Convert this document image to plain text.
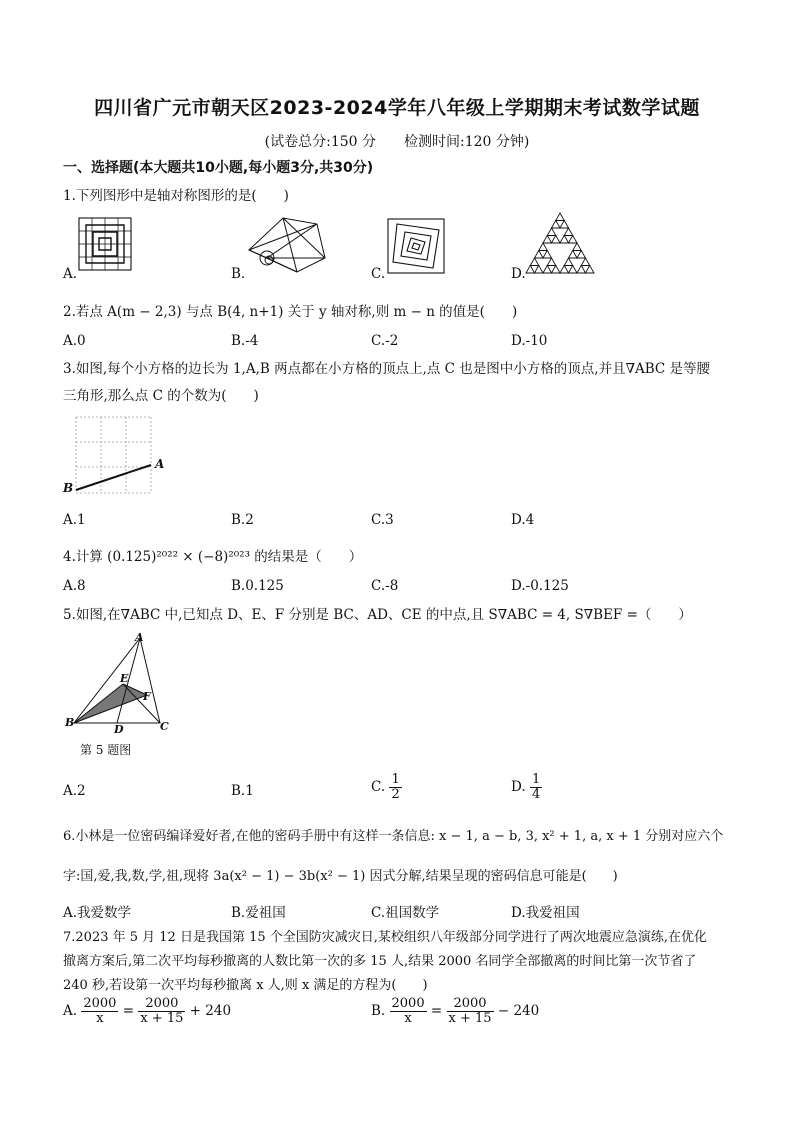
四川省广元市朝天区2023-2024学年八年级上学期期末考试数学试题
(试卷总分:150 分　　检测时间:120 分钟)
一、选择题(本大题共10小题,每小题3分,共30分)
1.下列图形中是轴对称图形的是(　　)
A.	B.	C.	D.
2.若点 A(m − 2,3) 与点 B(4, n+1) 关于 y 轴对称,则 m − n 的值是(　　)
A.0	B.-4	C.-2	D.-10
3.如图,每个小方格的边长为 1,A,B 两点都在小方格的顶点上,点 C 也是图中小方格的顶点,并且∇ABC 是等腰
三角形,那么点 C 的个数为(　　)
A
B
A.1	B.2	C.3	D.4
4.计算 (0.125)²⁰²² × (−8)²⁰²³ 的结果是（　　）
A.8	B.0.125	C.-8	D.-0.125
5.如图,在∇ABC 中,已知点 D、E、F 分别是 BC、AD、CE 的中点,且 S∇ABC = 4, S∇BEF =（　　）
A
E
F
B
D	C
第 5 题图
A.2	B.1	C. $\frac{1}{2}$	D. $\frac{1}{4}$
6.小林是一位密码编译爱好者,在他的密码手册中有这样一条信息: x − 1, a − b, 3, x² + 1, a, x + 1 分别对应六个
字:国,爱,我,数,学,祖,现将 3a(x² − 1) − 3b(x² − 1) 因式分解,结果呈现的密码信息可能是(　　)
A.我爱数学	B.爱祖国	C.祖国数学	D.我爱祖国
7.2023 年 5 月 12 日是我国第 15 个全国防灾减灾日,某校组织八年级部分同学进行了两次地震应急演练,在优化
撤离方案后,第二次平均每秒撤离的人数比第一次的多 15 人,结果 2000 名同学全部撤离的时间比第一次节省了
240 秒,若设第一次平均每秒撤离 x 人,则 x 满足的方程为(　　)
A. $\frac{2000}{x} = \frac{2000}{x + 15} + 240$	B. $\frac{2000}{x} = \frac{2000}{x + 15} - 240$
